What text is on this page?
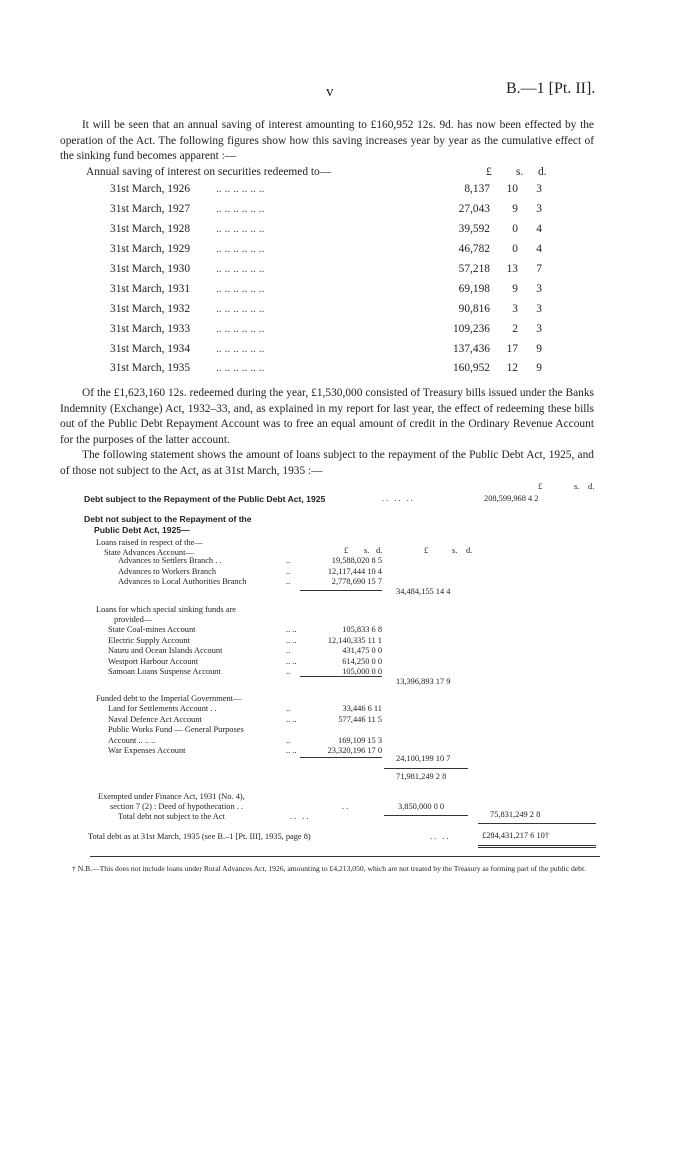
v	B.—1 [Pt. II].
It will be seen that an annual saving of interest amounting to £160,952 12s. 9d. has now been effected by the operation of the Act. The following figures show how this saving increases year by year as the cumulative effect of the sinking fund becomes apparent :—
Annual saving of interest on securities redeemed to—	£ s. d.
31st March, 1926 .. .. .. .. .. ..	8,137	10	3
31st March, 1927 .. .. .. .. .. ..	27,043	9	3
31st March, 1928 .. .. .. .. .. ..	39,592	0	4
31st March, 1929 .. .. .. .. .. ..	46,782	0	4
31st March, 1930 .. .. .. .. .. ..	57,218	13	7
31st March, 1931 .. .. .. .. .. ..	69,198	9	3
31st March, 1932 .. .. .. .. .. ..	90,816	3	3
31st March, 1933 .. .. .. .. .. ..	109,236	2	3
31st March, 1934 .. .. .. .. .. ..	137,436	17	9
31st March, 1935 .. .. .. .. .. ..	160,952	12	9
Of the £1,623,160 12s. redeemed during the year, £1,530,000 consisted of Treasury bills issued under the Banks Indemnity (Exchange) Act, 1932–33, and, as explained in my report for last year, the effect of redeeming these bills out of the Public Debt Repayment Account was to free an equal amount of credit in the Ordinary Revenue Account for the purposes of the latter account.
The following statement shows the amount of loans subject to the repayment of the Public Debt Act, 1925, and of those not subject to the Act, as at 31st March, 1935 :—
£	s. d.
Debt subject to the Repayment of the Public Debt Act, 1925	.. .. ..	208,599,968 4 2
Debt not subject to the Repayment of the
Public Debt Act, 1925—
Loans raised in respect of the—
State Advances Account—	£ s. d.	£	s. d.
Advances to Settlers Branch . .	..	19,588,020 8 5
Advances to Workers Branch	..	12,117,444 10 4
Advances to Local Authorities Branch	..	2,778,690 15 7
34,484,155 14 4
Loans for which special sinking funds are
provided—
State Coal-mines Account	.. ..	105,833 6 8
Electric Supply Account	.. ..	12,140,335 11 1
Nauru and Ocean Islands Account	..	431,475 0 0
Westport Harbour Account	.. ..	614,250 0 0
Samoan Loans Suspense Account	..	105,000 0 0
13,396,893 17 9
Funded debt to the Imperial Government—
Land for Settlements Account . .	..	33,446 6 11
Naval Defence Act Account	.. ..	577,446 11 5
Public Works Fund — General Purposes
Account .. .. ..	..	169,109 15 3
War Expenses Account	.. ..	23,320,196 17 0
24,100,199 10 7
71,981,249 2 8
Exempted under Finance Act, 1931 (No. 4),
section 7 (2) : Deed of hypothecation . .	..	3,850,000 0 0
Total debt not subject to the Act	.. ..	75,831,249 2 8
Total debt as at 31st March, 1935 (see B.–1 [Pt. III], 1935, page 8)	.. ..	£284,431,217 6 10†
† N.B.—This does not include loans under Rural Advances Act, 1926, amounting to £4,213,050, which are not treated by the Treasury as forming part of the public debt.
